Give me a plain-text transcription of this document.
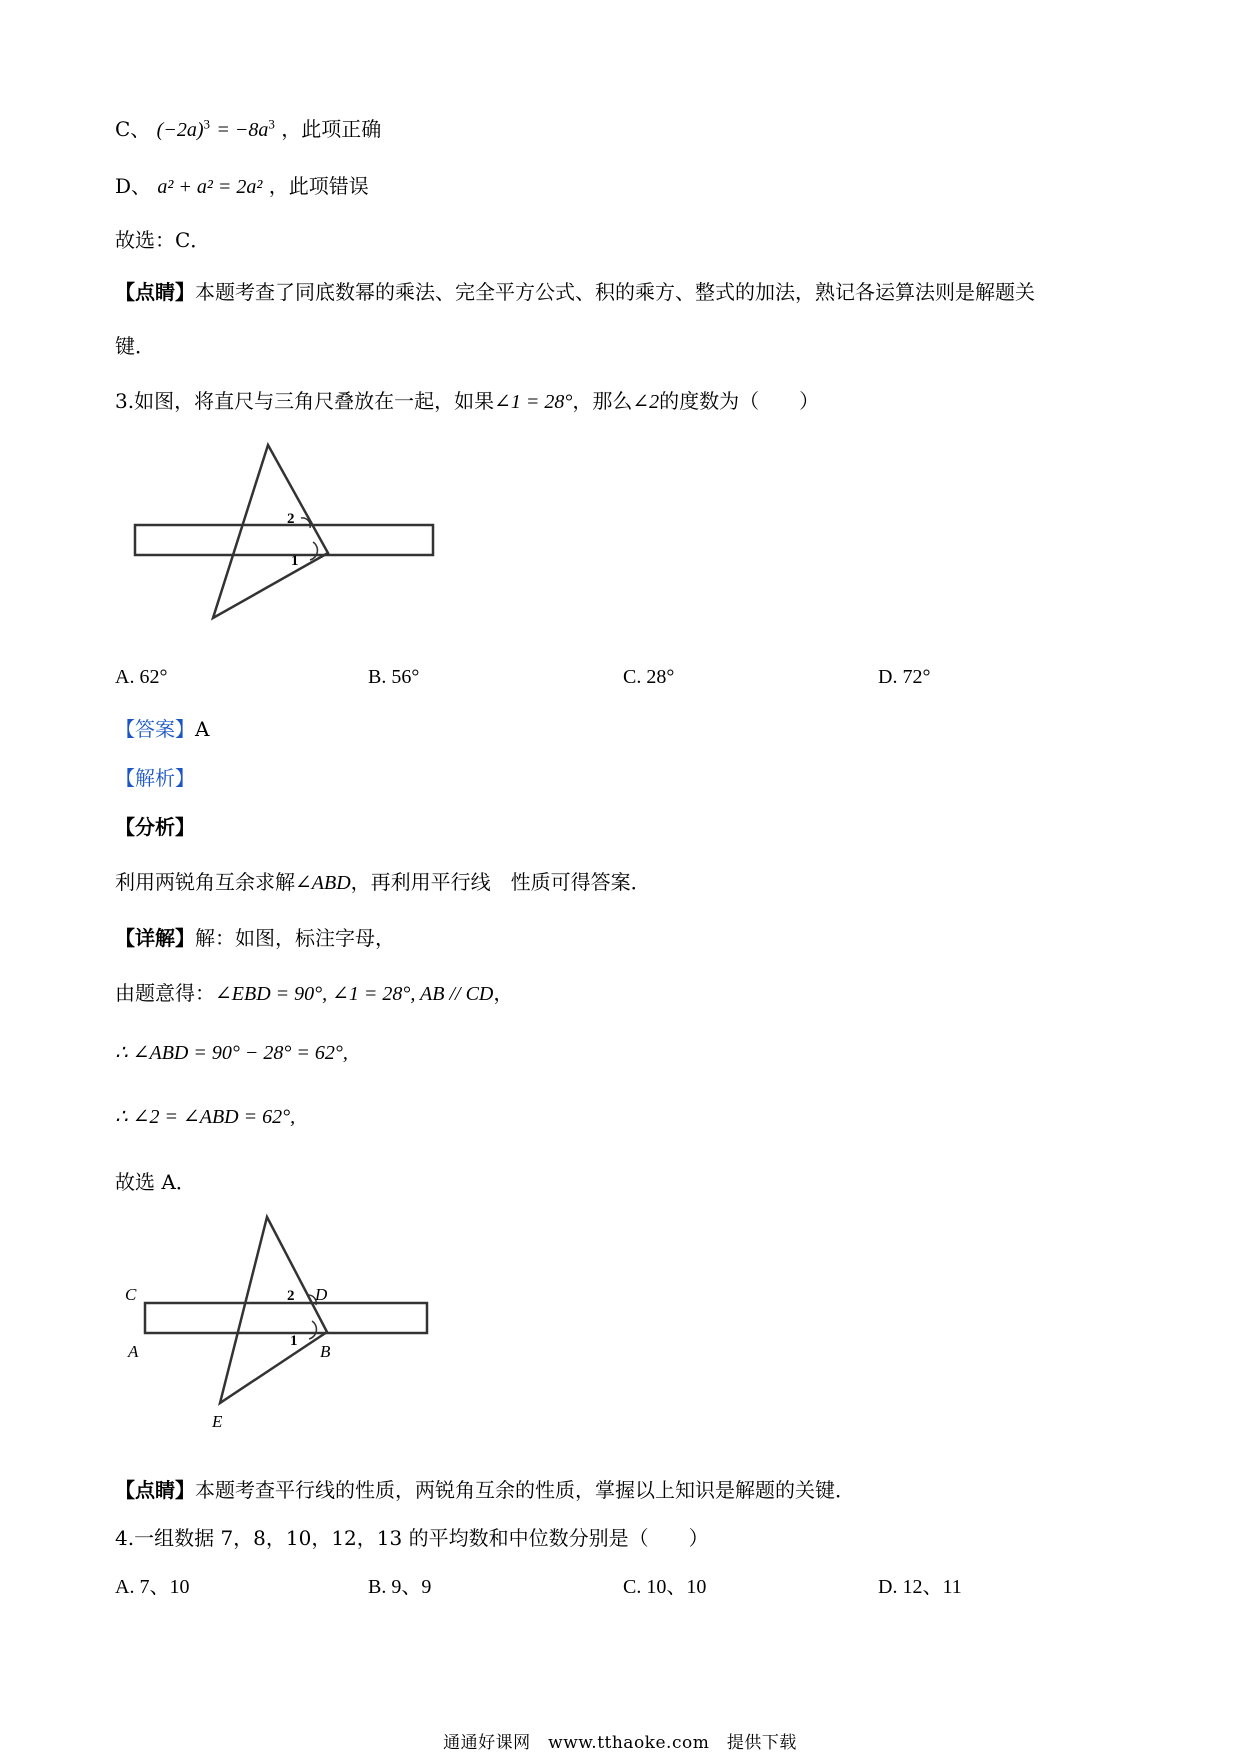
C、 $(-2a)^3 = -8a^3$ ，此项正确
D、 a² + a² = 2a² ，此项错误
故选：C．
【点睛】本题考查了同底数幂的乘法、完全平方公式、积的乘方、整式的加法，熟记各运算法则是解题关
键．
3.如图，将直尺与三角尺叠放在一起，如果∠1 = 28°，那么∠2的度数为（　　）
2
1
A. 62°	B. 56°	C. 28°	D. 72°
【答案】A
【解析】
【分析】
利用两锐角互余求解∠ABD，再利用平行线　性质可得答案．
【详解】解：如图，标注字母，
由题意得：∠EBD = 90°, ∠1 = 28°, AB // CD，
∴ ∠ABD = 90° − 28° = 62°,
∴ ∠2 = ∠ABD = 62°,
故选 A．
C	D
A	B
E
2
1
【点睛】本题考查平行线的性质，两锐角互余的性质，掌握以上知识是解题的关键．
4.一组数据 7，8，10，12，13 的平均数和中位数分别是（　　）
A. 7、10	B. 9、9	C. 10、10	D. 12、11
通通好课网　www.tthaoke.com　提供下载
